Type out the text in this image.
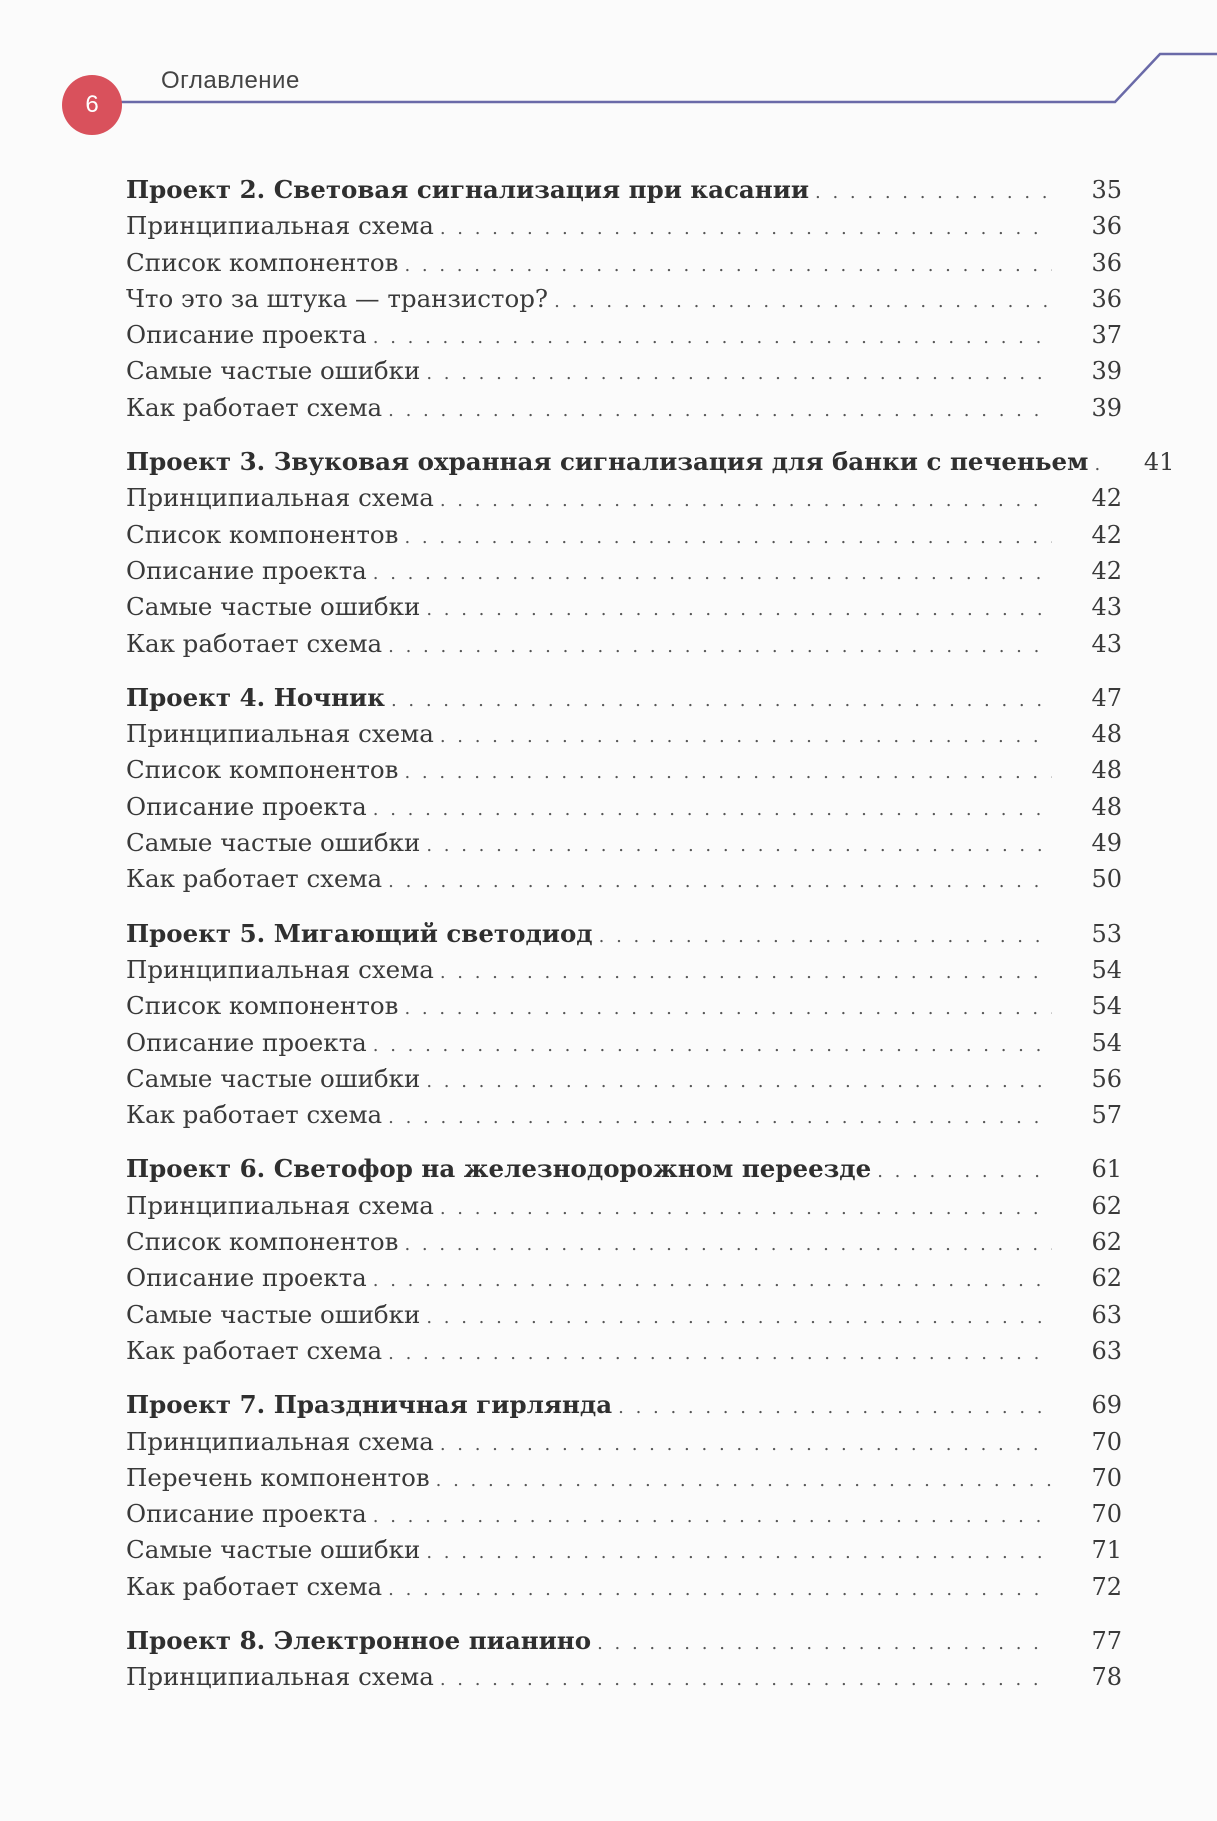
6
Оглавление
Проект 2. Световая сигнализация при касании . . .	35
Принципиальная схема . . .	36
Список компонентов . . .	36
Что это за штука — транзистор? . . .	36
Описание проекта . . .	37
Самые частые ошибки . . .	39
Как работает схема . . .	39
Проект 3. Звуковая охранная сигнализация для банки с печеньем . . .	41
Принципиальная схема . . .	42
Список компонентов . . .	42
Описание проекта . . .	42
Самые частые ошибки . . .	43
Как работает схема . . .	43
Проект 4. Ночник . . .	47
Принципиальная схема . . .	48
Список компонентов . . .	48
Описание проекта . . .	48
Самые частые ошибки . . .	49
Как работает схема . . .	50
Проект 5. Мигающий светодиод . . .	53
Принципиальная схема . . .	54
Список компонентов . . .	54
Описание проекта . . .	54
Самые частые ошибки . . .	56
Как работает схема . . .	57
Проект 6. Светофор на железнодорожном переезде . . .	61
Принципиальная схема . . .	62
Список компонентов . . .	62
Описание проекта . . .	62
Самые частые ошибки . . .	63
Как работает схема . . .	63
Проект 7. Праздничная гирлянда . . .	69
Принципиальная схема . . .	70
Перечень компонентов . . .	70
Описание проекта . . .	70
Самые частые ошибки . . .	71
Как работает схема . . .	72
Проект 8. Электронное пианино . . .	77
Принципиальная схема . . .	78
